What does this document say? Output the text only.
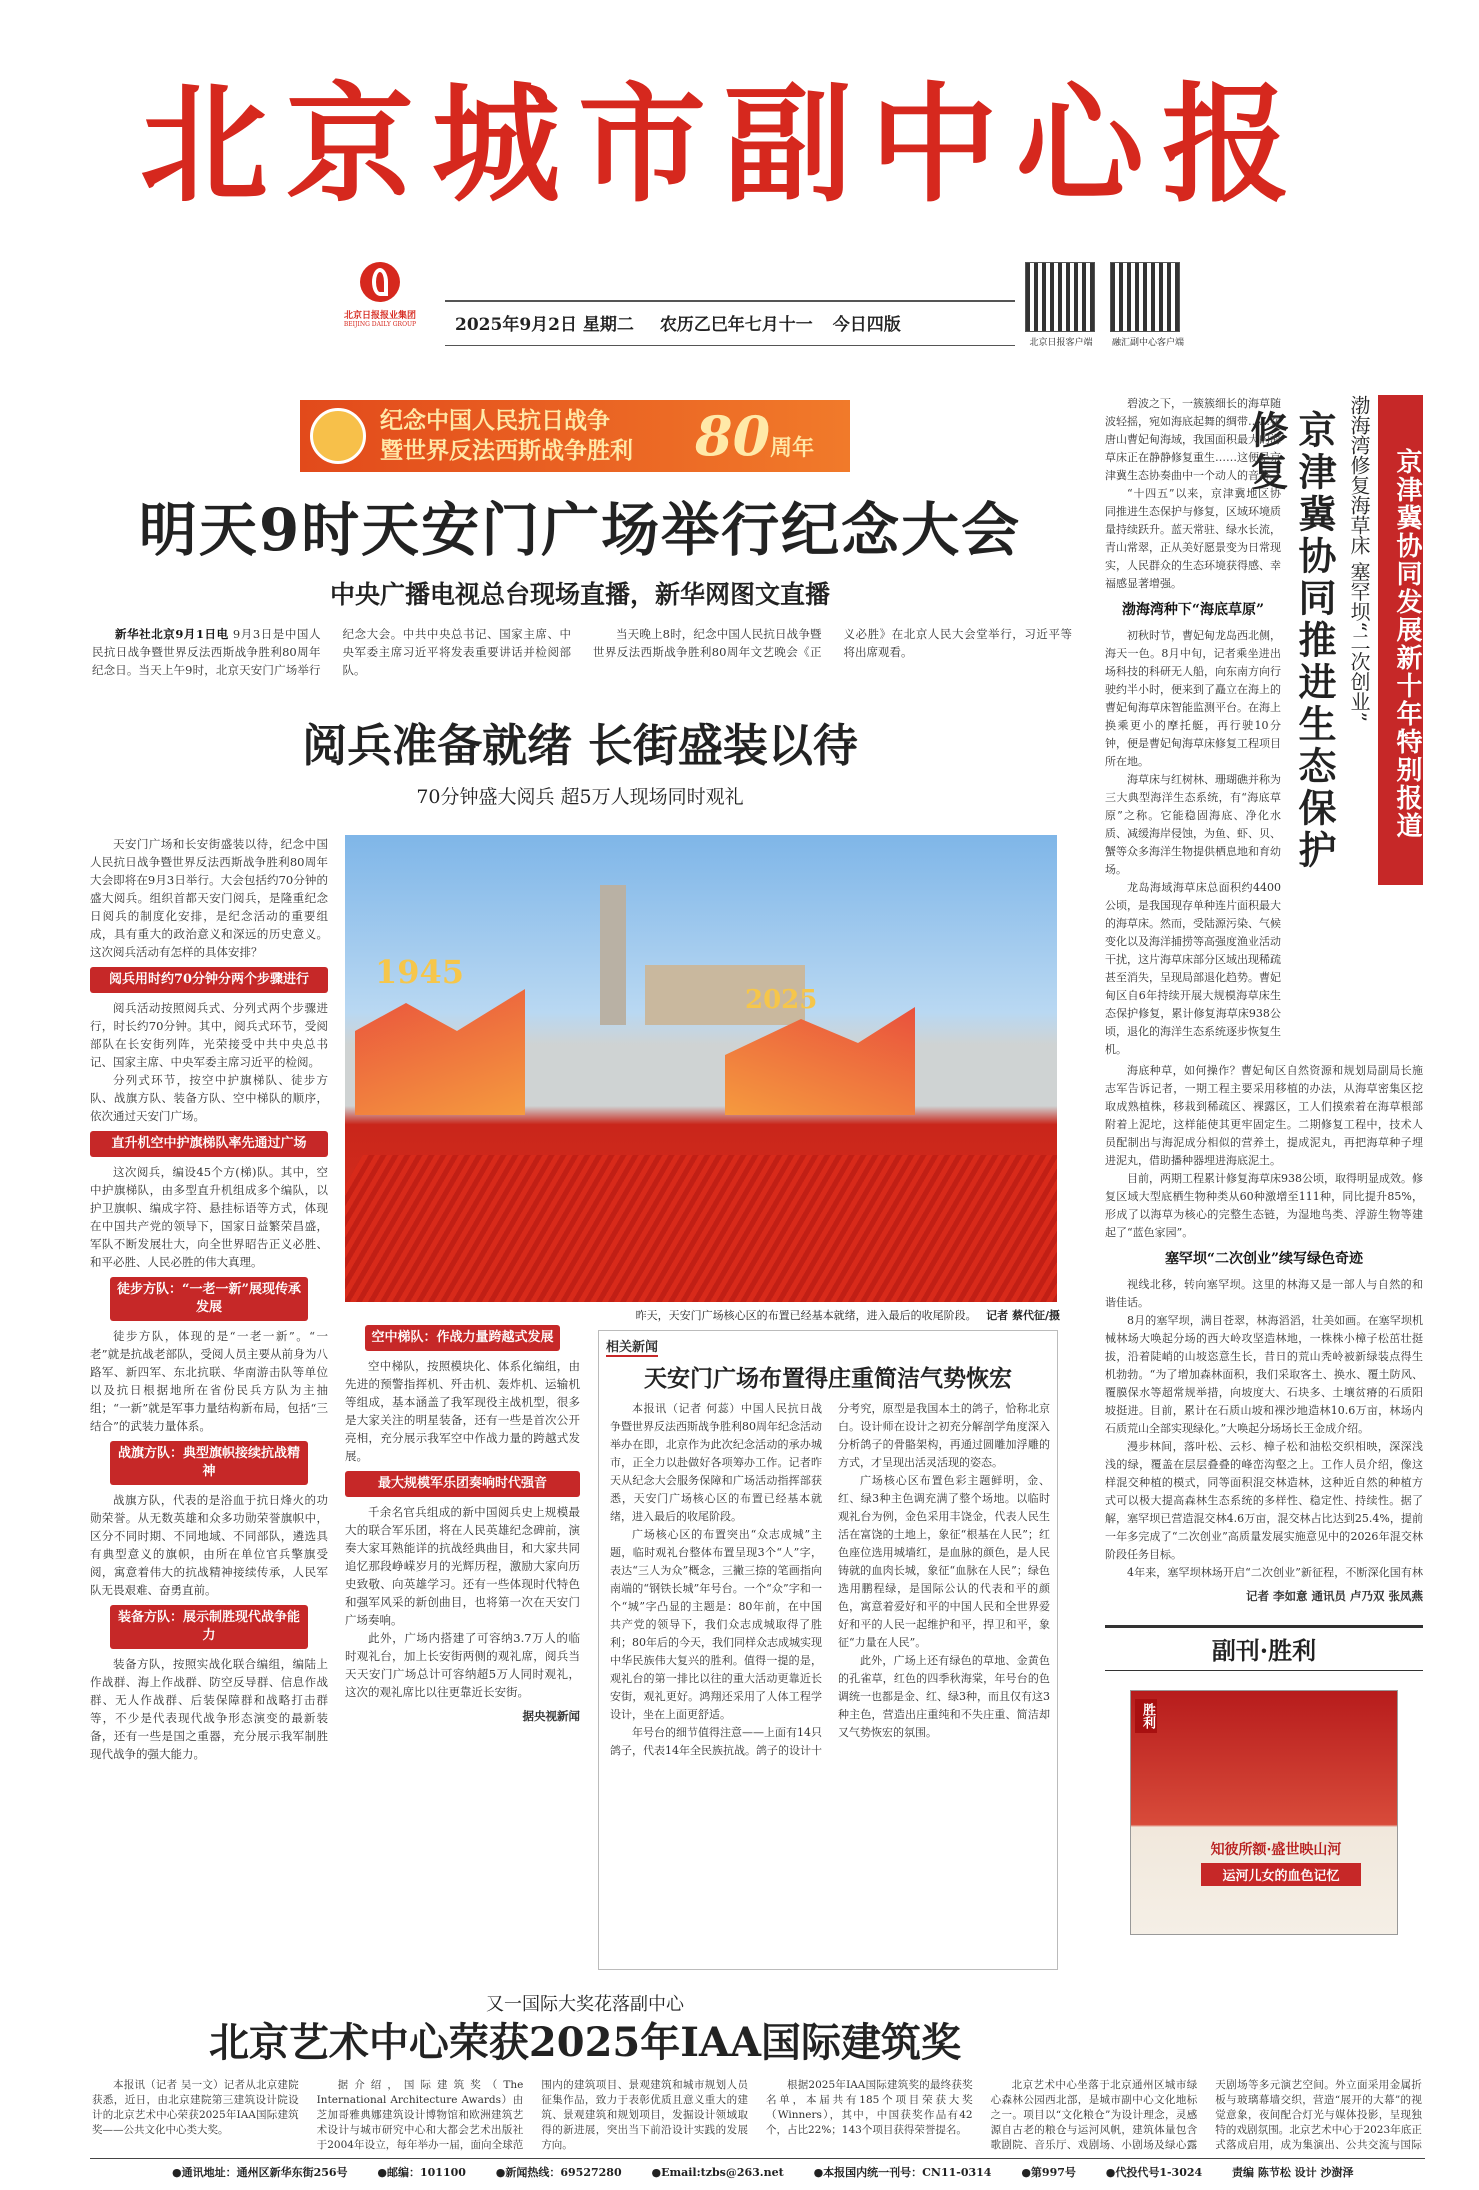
北京城市副中心报
北京日报报业集团
BEIJING DAILY GROUP	2025年9月2日 星期二 农历乙巳年七月十一 今日四版
北京日报客户端	融汇副中心客户端
纪念中国人民抗日战争
暨世界反法西斯战争胜利 80周年
明天9时天安门广场举行纪念大会
中央广播电视总台现场直播，新华网图文直播

新华社北京9月1日电 9月3日是中国人民抗日战争暨世界反法西斯战争胜利80周年纪念日。当天上午9时，北京天安门广场举行纪念大会。中共中央总书记、国家主席、中央军委主席习近平将发表重要讲话并检阅部队。

当天晚上8时，纪念中国人民抗日战争暨世界反法西斯战争胜利80周年文艺晚会《正义必胜》在北京人民大会堂举行，习近平等将出席观看。

阅兵准备就绪 长街盛装以待
70分钟盛大阅兵 超5万人现场同时观礼

天安门广场和长安街盛装以待，纪念中国人民抗日战争暨世界反法西斯战争胜利80周年大会即将在9月3日举行。大会包括约70分钟的盛大阅兵。组织首都天安门阅兵，是隆重纪念日阅兵的制度化安排，是纪念活动的重要组成，具有重大的政治意义和深远的历史意义。这次阅兵活动有怎样的具体安排？

阅兵用时约70分钟分两个步骤进行

阅兵活动按照阅兵式、分列式两个步骤进行，时长约70分钟。其中，阅兵式环节，受阅部队在长安街列阵，光荣接受中共中央总书记、国家主席、中央军委主席习近平的检阅。

分列式环节，按空中护旗梯队、徒步方队、战旗方队、装备方队、空中梯队的顺序，依次通过天安门广场。

直升机空中护旗梯队率先通过广场

这次阅兵，编设45个方(梯)队。其中，空中护旗梯队，由多型直升机组成多个编队，以护卫旗帜、编成字符、悬挂标语等方式，体现在中国共产党的领导下，国家日益繁荣昌盛，军队不断发展壮大，向全世界昭告正义必胜、和平必胜、人民必胜的伟大真理。

徒步方队：“一老一新”展现传承发展

徒步方队，体现的是“一老一新”。“一老”就是抗战老部队，受阅人员主要从前身为八路军、新四军、东北抗联、华南游击队等单位以及抗日根据地所在省份民兵方队为主抽组；“一新”就是军事力量结构新布局，包括“三结合”的武装力量体系。

战旗方队：典型旗帜接续抗战精神

战旗方队，代表的是浴血于抗日烽火的功勋荣誉。从无数英雄和众多功勋荣誉旗帜中，区分不同时期、不同地域、不同部队，遴选具有典型意义的旗帜，由所在单位官兵擎旗受阅，寓意着伟大的抗战精神接续传承，人民军队无畏艰难、奋勇直前。

装备方队：展示制胜现代战争能力

装备方队，按照实战化联合编组，编陆上作战群、海上作战群、防空反导群、信息作战群、无人作战群、后装保障群和战略打击群等，不少是代表现代战争形态演变的最新装备，还有一些是国之重器，充分展示我军制胜现代战争的强大能力。

1945
2025
昨天，天安门广场核心区的布置已经基本就绪，进入最后的收尾阶段。 记者 蔡代征/摄
空中梯队：作战力量跨越式发展

空中梯队，按照模块化、体系化编组，由先进的预警指挥机、歼击机、轰炸机、运输机等组成，基本涵盖了我军现役主战机型，很多是大家关注的明星装备，还有一些是首次公开亮相，充分展示我军空中作战力量的跨越式发展。

最大规模军乐团奏响时代强音

千余名官兵组成的新中国阅兵史上规模最大的联合军乐团，将在人民英雄纪念碑前，演奏大家耳熟能详的抗战经典曲目，和大家共同追忆那段峥嵘岁月的光辉历程，激励大家向历史致敬、向英雄学习。还有一些体现时代特色和强军风采的新创曲目，也将第一次在天安门广场奏响。

此外，广场内搭建了可容纳3.7万人的临时观礼台，加上长安街两侧的观礼席，阅兵当天天安门广场总计可容纳超5万人同时观礼，这次的观礼席比以往更靠近长安街。

据央视新闻
相关新闻
天安门广场布置得庄重简洁气势恢宏

本报讯（记者 何蕊）中国人民抗日战争暨世界反法西斯战争胜利80周年纪念活动举办在即，北京作为此次纪念活动的承办城市，正全力以赴做好各项筹办工作。记者昨天从纪念大会服务保障和广场活动指挥部获悉，天安门广场核心区的布置已经基本就绪，进入最后的收尾阶段。

广场核心区的布置突出“众志成城”主题，临时观礼台整体布置呈现3个“人”字，表达“三人为众”概念，三撇三捺的笔画指向南端的“钢铁长城”年号台。一个“众”字和一个“城”字凸显的主题是：80年前，在中国共产党的领导下，我们众志成城取得了胜利；80年后的今天，我们同样众志成城实现中华民族伟大复兴的胜利。值得一提的是，观礼台的第一排比以往的重大活动更靠近长安街，观礼更好。鸿翔还采用了人体工程学设计，坐在上面更舒适。

年号台的细节值得注意——上面有14只鸽子，代表14年全民族抗战。鸽子的设计十分考究，原型是我国本土的鸽子，恰称北京白。设计师在设计之初充分解剖学角度深入分析鸽子的骨骼架构，再通过圆雕加浮雕的方式，才呈现出活灵活现的姿态。

广场核心区布置色彩主题鲜明，金、红、绿3种主色调充满了整个场地。以临时观礼台为例，金色采用丰饶金，代表人民生活在富饶的土地上，象征“根基在人民”；红色座位选用城墙红，是血脉的颜色，是人民铸就的血肉长城，象征“血脉在人民”；绿色选用鹏程绿，是国际公认的代表和平的颜色，寓意着爱好和平的中国人民和全世界爱好和平的人民一起维护和平，捍卫和平，象征“力量在人民”。

此外，广场上还有绿色的草地、金黄色的孔雀草，红色的四季秋海棠，年号台的色调统一也都是金、红、绿3种，而且仅有这3种主色，营造出庄重纯和不失庄重、简洁却又气势恢宏的氛围。

京津冀协同发展新十年特别报道
渤海湾修复海草床 塞罕坝“二次创业”
京津冀协同推进生态保护修复

碧波之下，一簇簇细长的海草随波轻摇，宛如海底起舞的绸带……在唐山曹妃甸海域，我国面积最大的海草床正在静静修复重生……这便是京津冀生态协奏曲中一个动人的音符。

“十四五”以来，京津冀地区协同推进生态保护与修复，区域环境质量持续跃升。蓝天常驻、绿水长流，青山常翠，正从美好愿景变为日常现实，人民群众的生态环境获得感、幸福感显著增强。

渤海湾种下“海底草原”

初秋时节，曹妃甸龙岛西北侧，海天一色。8月中旬，记者乘坐进出场科技的科研无人船，向东南方向行驶约半小时，便来到了矗立在海上的曹妃甸海草床智能监测平台。在海上换乘更小的摩托艇，再行驶10分钟，便是曹妃甸海草床修复工程项目所在地。

海草床与红树林、珊瑚礁并称为三大典型海洋生态系统，有“海底草原”之称。它能稳固海底、净化水质、减缓海岸侵蚀，为鱼、虾、贝、蟹等众多海洋生物提供栖息地和育幼场。

龙岛海域海草床总面积约4400公顷，是我国现存单种连片面积最大的海草床。然而，受陆源污染、气候变化以及海洋捕捞等高强度渔业活动干扰，这片海草床部分区域出现稀疏甚至消失，呈现局部退化趋势。曹妃甸区自6年持续开展大规模海草床生态保护修复，累计修复海草床938公顷，退化的海洋生态系统逐步恢复生机。

海底种草，如何操作？曹妃甸区自然资源和规划局副局长施志军告诉记者，一期工程主要采用移植的办法，从海草密集区挖取成熟植株，移栽到稀疏区、裸露区，工人们摸索着在海草根部附着上泥坨，这样能使其更牢固定生。二期修复工程中，技术人员配制出与海泥成分相似的营养土，提成泥丸，再把海草种子埋进泥丸，借助播种器埋进海底泥土。

目前，两期工程累计修复海草床938公顷，取得明显成效。修复区域大型底栖生物种类从60种激增至111种，同比提升85%，形成了以海草为核心的完整生态链，为湿地鸟类、浮游生物等建起了“蓝色家园”。

塞罕坝“二次创业”续写绿色奇迹

视线北移，转向塞罕坝。这里的林海又是一部人与自然的和谐佳话。

8月的塞罕坝，满目苍翠，林海滔滔，壮美如画。在塞罕坝机械林场大唤起分场的西大岭攻坚造林地，一株株小樟子松茁壮挺拔，沿着陡峭的山坡恣意生长，昔日的荒山秃岭被新绿装点得生机勃勃。“为了增加森林面积，我们采取客土、换水、覆土防风、覆膜保水等超常规举措，向坡度大、石块多、土壤贫瘠的石质阳坡挺进。目前，累计在石质山坡和裸沙地造林10.6万亩，林场内石质荒山全部实现绿化。”大唤起分场场长王金成介绍。

漫步林间，落叶松、云杉、樟子松和油松交织相映，深深浅浅的绿，覆盖在层层叠叠的峰峦沟壑之上。工作人员介绍，像这样混交种植的模式，同等面积混交林造林，这种近自然的种植方式可以极大提高森林生态系统的多样性、稳定性、持续性。据了解，塞罕坝已营造混交林4.6万亩，混交林占比达到25.4%，提前一年多完成了“二次创业”高质量发展实施意见中的2026年混交林阶段任务目标。

4年来，塞罕坝林场开启“二次创业”新征程，不断深化国有林

记者 李如意 通讯员 卢乃双 张凤燕
副刊·胜利
胜利
知彼所额·盛世映山河
运河儿女的血色记忆
又一国际大奖花落副中心
北京艺术中心荣获2025年IAA国际建筑奖

本报讯（记者 吴一文）记者从北京建院获悉，近日，由北京建院第三建筑设计院设计的北京艺术中心荣获2025年IAA国际建筑奖——公共文化中心类大奖。

据介绍，国际建筑奖（The International Architecture Awards）由芝加哥雅典娜建筑设计博物馆和欧洲建筑艺术设计与城市研究中心和大都会艺术出版社于2004年设立，每年举办一届，面向全球范围内的建筑项目、景观建筑和城市规划人员征集作品，致力于表彰优质且意义重大的建筑、景观建筑和规划项目，发掘设计领域取得的新进展，突出当下前沿设计实践的发展方向。

根据2025年IAA国际建筑奖的最终获奖名单，本届共有185个项目荣获大奖（Winners），其中，中国获奖作品有42个，占比22%；143个项目获得荣誉提名。

北京艺术中心坐落于北京通州区城市绿心森林公园西北部，是城市副中心文化地标之一。项目以“文化粮仓”为设计理念，灵感源自古老的粮仓与运河风帆，建筑体量包含歌剧院、音乐厅、戏剧场、小剧场及绿心露天剧场等多元演艺空间。外立面采用金属折板与玻璃幕墙交织，营造“展开的大幕”的视觉意象，夜间配合灯光与媒体投影，呈现独特的戏剧氛围。北京艺术中心于2023年底正式落成启用，成为集演出、公共交流与国际

●通讯地址：通州区新华东街256号	●邮编：101100	●新闻热线：69527280	●Email:tzbs@263.net	●本报国内统一刊号：CN11-0314	●第997号	●代投代号1-3024	责编 陈节松 设计 沙澍泽
